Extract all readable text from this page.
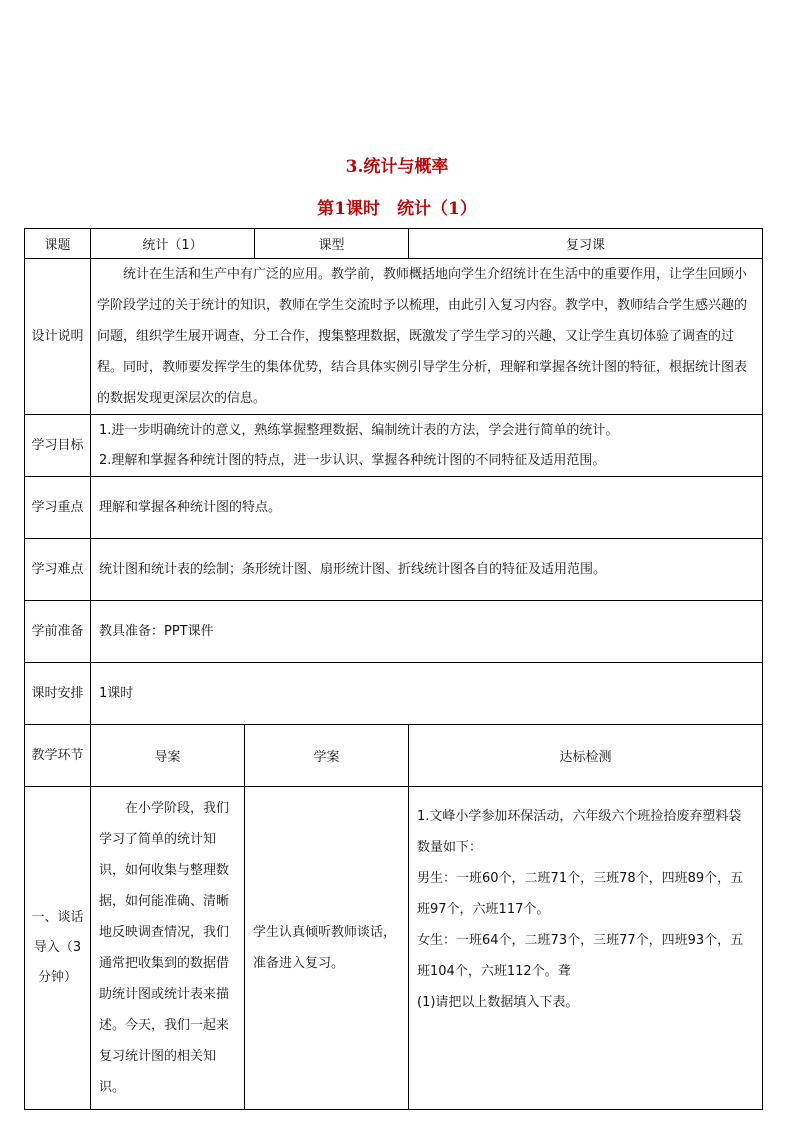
3.统计与概率
第1课时　统计（1）
课题	统计（1）		课型	复习课
设计说明	统计在生活和生产中有广泛的应用。教学前，教师概括地向学生介绍统计在生活中的重要作用，让学生回顾小学阶段学过的关于统计的知识，教师在学生交流时予以梳理，由此引入复习内容。教学中，教师结合学生感兴趣的问题，组织学生展开调查，分工合作，搜集整理数据，既激发了学生学习的兴趣，又让学生真切体验了调查的过程。同时，教师要发挥学生的集体优势，结合具体实例引导学生分析，理解和掌握各统计图的特征，根据统计图表的数据发现更深层次的信息。			
学习目标	1.进一步明确统计的意义，熟练掌握整理数据、编制统计表的方法，学会进行简单的统计。
2.理解和掌握各种统计图的特点，进一步认识、掌握各种统计图的不同特征及适用范围。			

学习重点	理解和掌握各种统计图的特点。			
学习难点	统计图和统计表的绘制；条形统计图、扇形统计图、折线统计图各自的特征及适用范围。			
学前准备	教具准备：PPT课件			
课时安排	1课时			
教学环节	导案	学案		达标检测
一、谈话导入（3分钟）	在小学阶段，我们学习了简单的统计知识，如何收集与整理数据，如何能准确、清晰地反映调查情况，我们通常把收集到的数据借助统计图或统计表来描述。今天，我们一起来复习统计图的相关知识。	学生认真倾听教师谈话，准备进入复习。		1.文峰小学参加环保活动，六年级六个班捡拾废弃塑料袋数量如下：
男生：一班60个，二班71个，三班78个，四班89个，五班97个，六班117个。
女生：一班64个，二班73个，三班77个，四班93个，五班104个，六班112个。聋
(1)请把以上数据填入下表。
